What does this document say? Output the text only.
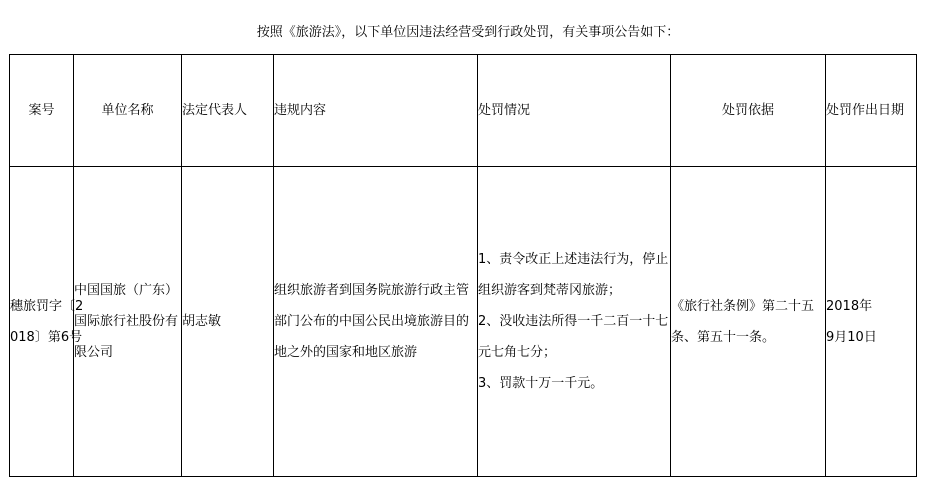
按照《旅游法》，以下单位因违法经营受到行政处罚，有关事项公告如下：
案号	单位名称	法定代表人	违规内容	处罚情况	处罚依据	处罚作出日期

穗旅罚字〔2
018〕第6号	中国国旅（广东）
国际旅行社股份有
限公司	胡志敏	组织旅游者到国务院旅游行政主管
部门公布的中国公民出境旅游目的
地之外的国家和地区旅游	1、责令改正上述违法行为，停止
组织游客到梵蒂冈旅游；
2、没收违法所得一千二百一十七
元七角七分；
3、罚款十万一千元。	《旅行社条例》第二十五
条、第五十一条。	2018年
9月10日
